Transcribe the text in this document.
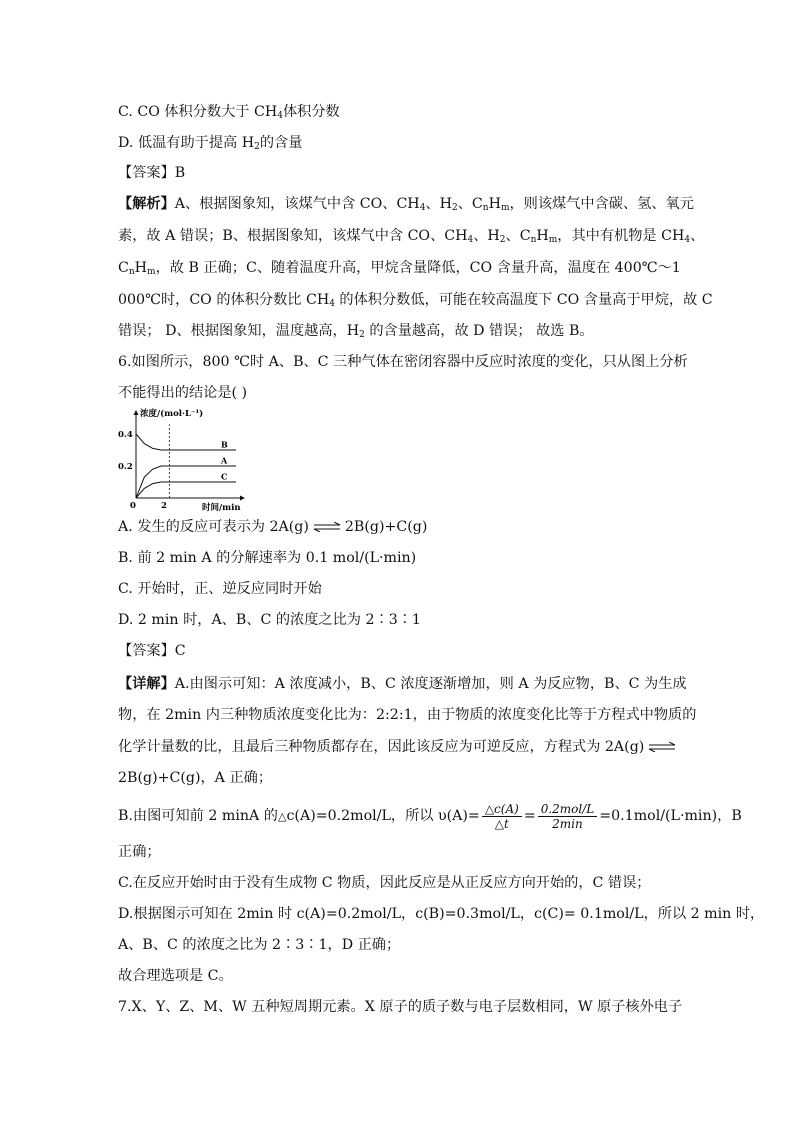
C. CO 体积分数大于 $CH_4$体积分数
D. 低温有助于提高 $H_2$的含量
【答案】B
【解析】A、根据图象知，该煤气中含 CO、$CH_4$、$H_2$、$C_nH_m$，则该煤气中含碳、氢、氧元
素，故 A 错误；B、根据图象知，该煤气中含 CO、$CH_4$、$H_2$、$C_nH_m$，其中有机物是 $CH_4$、
$C_nH_m$，故 B 正确；C、随着温度升高，甲烷含量降低，CO 含量升高，温度在 400℃～1
000℃时，CO 的体积分数比 $CH_4$ 的体积分数低，可能在较高温度下 CO 含量高于甲烷，故 C
错误； D、根据图象知，温度越高，$H_2$ 的含量越高，故 D 错误； 故选 B。
6.如图所示，800 ℃时 A、B、C 三种气体在密闭容器中反应时浓度的变化，只从图上分析
不能得出的结论是( )
浓度/(mol·L⁻¹)
时间/min
0.4
0.2
0	2
B
A
C
A. 发生的反应可表示为 2A(g) ⇌ 2B(g)+C(g)
B. 前 2 min A 的分解速率为 0.1 mol/(L·min)
C. 开始时，正、逆反应同时开始
D. 2 min 时，A、B、C 的浓度之比为 2∶3∶1
【答案】C
【详解】A.由图示可知：A 浓度减小，B、C 浓度逐渐增加，则 A 为反应物，B、C 为生成
物，在 2min 内三种物质浓度变化比为：2:2:1，由于物质的浓度变化比等于方程式中物质的
化学计量数的比，且最后三种物质都存在，因此该反应为可逆反应，方程式为 2A(g) ⇌
2B(g)+C(g)，A 正确；
B.由图可知前 2 minA 的△c(A)=0.2mol/L，所以 $\upsilon(A)= \frac{\triangle c(A)}{\triangle t} = \frac{\text{0.2mol/L}}{2\min} =0.1mol/(L\cdot\min)$，B
正确；
C.在反应开始时由于没有生成物 C 物质，因此反应是从正反应方向开始的，C 错误；
D.根据图示可知在 2min 时 c(A)=0.2mol/L，c(B)=0.3mol/L，c(C)= 0.1mol/L，所以 2 min 时，
A、B、C 的浓度之比为 2∶3∶1，D 正确；
故合理选项是 C。
7.X、Y、Z、M、W 五种短周期元素。X 原子的质子数与电子层数相同，W 原子核外电子
